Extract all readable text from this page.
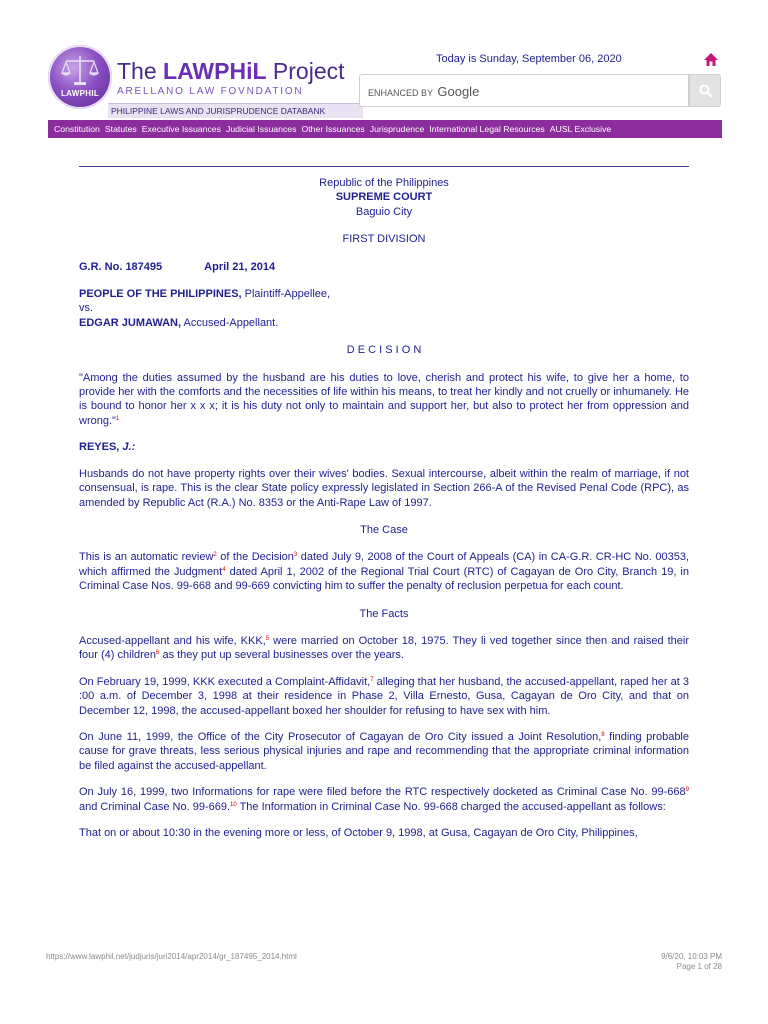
LAWPHIL
The LAWPHiL Project
ARELLANO LAW FOVNDATION
PHILIPPINE LAWS AND JURISPRUDENCE DATABANK
Today is Sunday, September 06, 2020
ENHANCED BY Google
Constitution Statutes Executive Issuances Judicial Issuances Other Issuances Jurisprudence International Legal Resources AUSL Exclusive

Republic of the Philippines

SUPREME COURT

Baguio City

FIRST DIVISION

G.R. No. 187495	April 21, 2014

PEOPLE OF THE PHILIPPINES, Plaintiff-Appellee,

vs.

EDGAR JUMAWAN, Accused-Appellant.

D E C I S I O N

"Among the duties assumed by the husband are his duties to love, cherish and protect his wife, to give her a home, to provide her with the comforts and the necessities of life within his means, to treat her kindly and not cruelly or inhumanely. He is bound to honor her x x x; it is his duty not only to maintain and support her, but also to protect her from oppression and wrong."$^1$

REYES, J.:

Husbands do not have property rights over their wives' bodies. Sexual intercourse, albeit within the realm of marriage, if not consensual, is rape. This is the clear State policy expressly legislated in Section 266-A of the Revised Penal Code (RPC), as amended by Republic Act (R.A.) No. 8353 or the Anti-Rape Law of 1997.

The Case

This is an automatic review$^2$ of the Decision$^3$ dated July 9, 2008 of the Court of Appeals (CA) in CA-G.R. CR-HC No. 00353, which affirmed the Judgment$^4$ dated April 1, 2002 of the Regional Trial Court (RTC) of Cagayan de Oro City, Branch 19, in Criminal Case Nos. 99-668 and 99-669 convicting him to suffer the penalty of reclusion perpetua for each count.

The Facts

Accused-appellant and his wife, KKK,$^5$ were married on October 18, 1975. They li ved together since then and raised their four (4) children$^6$ as they put up several businesses over the years.

On February 19, 1999, KKK executed a Complaint-Affidavit,$^7$ alleging that her husband, the accused-appellant, raped her at 3 :00 a.m. of December 3, 1998 at their residence in Phase 2, Villa Ernesto, Gusa, Cagayan de Oro City, and that on December 12, 1998, the accused-appellant boxed her shoulder for refusing to have sex with him.

On June 11, 1999, the Office of the City Prosecutor of Cagayan de Oro City issued a Joint Resolution,$^8$ finding probable cause for grave threats, less serious physical injuries and rape and recommending that the appropriate criminal information be filed against the accused-appellant.

On July 16, 1999, two Informations for rape were filed before the RTC respectively docketed as Criminal Case No. $99-668^9$ and Criminal Case No. 99-669.10 The Information in Criminal Case No. 99-668 charged the accused-appellant as follows:

That on or about 10:30 in the evening more or less, of October 9, 1998, at Gusa, Cagayan de Oro City, Philippines,

https://www.lawphil.net/judjuris/juri2014/apr2014/gr_187495_2014.html	9/6/20, 10:03 PM
Page 1 of 28
